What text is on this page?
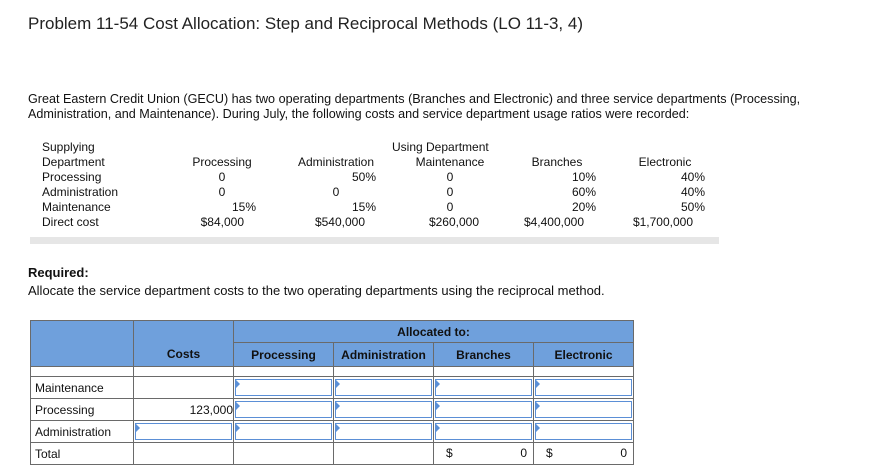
Problem 11-54 Cost Allocation: Step and Reciprocal Methods (LO 11-3, 4)
Great Eastern Credit Union (GECU) has two operating departments (Branches and Electronic) and three service departments (Processing, Administration, and Maintenance). During July, the following costs and service department usage ratios were recorded:
Supplying
Department
Using Department
Processing	Administration	Maintenance	Branches	Electronic
Processing	0	50%	0	10%	40%
Administration	0	0	0	60%	40%
Maintenance	15%	15%	0	20%	50%
Direct cost	$84,000	$540,000	$260,000	$4,400,000	$1,700,000
Required:
Allocate the service department costs to the two operating departments using the reciprocal method.
		Allocated to:			
	Costs	Processing	Administration	Branches	Electronic

Maintenance		

Processing	123,000	

Administration	

Total				$ 0	$ 0
